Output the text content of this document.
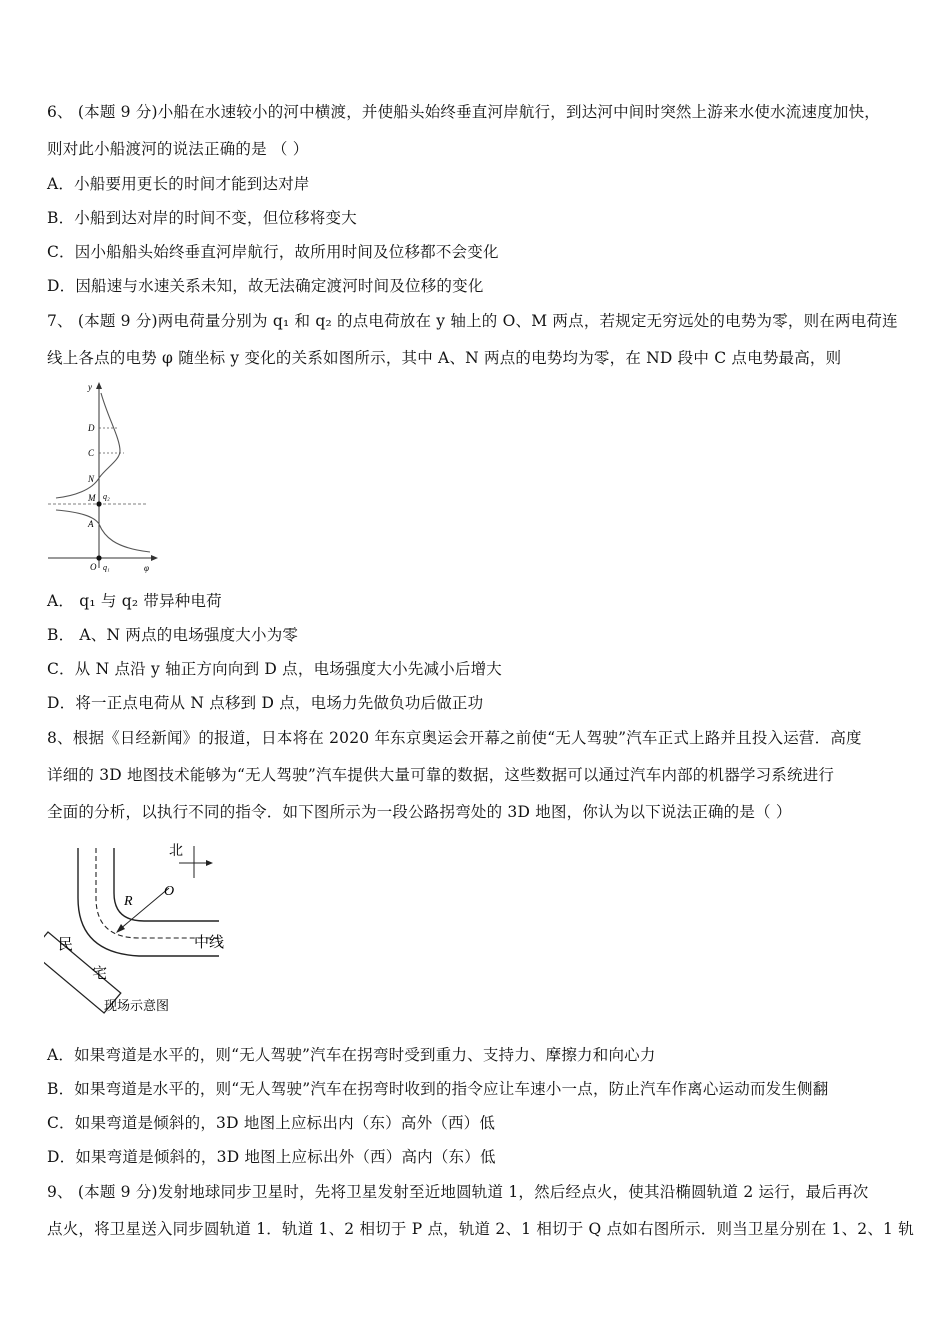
6、 (本题 9 分)小船在水速较小的河中横渡，并使船头始终垂直河岸航行，到达河中间时突然上游来水使水流速度加快，
则对此小船渡河的说法正确的是 （ ）
A．小船要用更长的时间才能到达对岸
B．小船到达对岸的时间不变，但位移将变大
C．因小船船头始终垂直河岸航行，故所用时间及位移都不会变化
D．因船速与水速关系未知，故无法确定渡河时间及位移的变化
7、 (本题 9 分)两电荷量分别为 q₁ 和 q₂ 的点电荷放在 y 轴上的 O、M 两点，若规定无穷远处的电势为零，则在两电荷连
线上各点的电势 φ 随坐标 y 变化的关系如图所示，其中 A、N 两点的电势均为零，在 ND 段中 C 点电势最高，则
y
D
C
N
M q₂
A
O q₁	φ
A． q₁ 与 q₂ 带异种电荷
B． A、N 两点的电场强度大小为零
C．从 N 点沿 y 轴正方向向到 D 点，电场强度大小先减小后增大
D．将一正点电荷从 N 点移到 D 点，电场力先做负功后做正功
8、根据《日经新闻》的报道，日本将在 2020 年东京奥运会开幕之前使“无人驾驶”汽车正式上路并且投入运营．高度
详细的 3D 地图技术能够为“无人驾驶”汽车提供大量可靠的数据，这些数据可以通过汽车内部的机器学习系统进行
全面的分析，以执行不同的指令．如下图所示为一段公路拐弯处的 3D 地图，你认为以下说法正确的是（ ）
北
O
R
中线
民
宅
现场示意图
A．如果弯道是水平的，则“无人驾驶”汽车在拐弯时受到重力、支持力、摩擦力和向心力
B．如果弯道是水平的，则“无人驾驶”汽车在拐弯时收到的指令应让车速小一点，防止汽车作离心运动而发生侧翻
C．如果弯道是倾斜的，3D 地图上应标出内（东）高外（西）低
D．如果弯道是倾斜的，3D 地图上应标出外（西）高内（东）低
9、 (本题 9 分)发射地球同步卫星时，先将卫星发射至近地圆轨道 1，然后经点火，使其沿椭圆轨道 2 运行，最后再次
点火，将卫星送入同步圆轨道 1．轨道 1、2 相切于 P 点，轨道 2、1 相切于 Q 点如右图所示．则当卫星分别在 1、2、1 轨
